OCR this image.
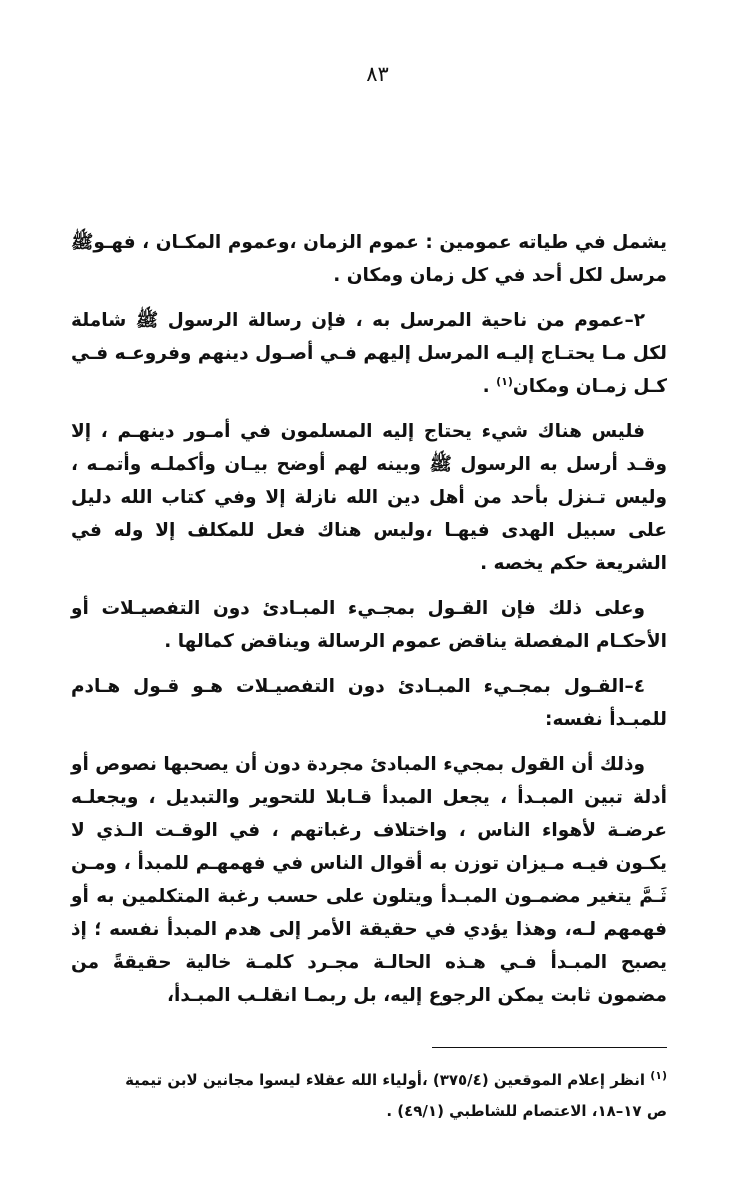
٨٣

يشمل في طياته عمومين : عموم الزمان ،وعموم المكـان ، فهـوﷺ مرسل لكل أحد في كل زمان ومكان .

٢–عموم من ناحية المرسل به ، فإن رسالة الرسول ﷺ شاملة لكل مـا يحتـاج إليـه المرسل إليهم فـي أصـول دينهم وفروعـه فـي كـل زمـان ومكان$^{(١)}$ .

فليس هناك شيء يحتاج إليه المسلمون في أمـور دينهـم ، إلا وقـد أرسل به الرسول ﷺ وبينه لهم أوضح بيـان وأكملـه وأتمـه ، وليس تـنزل بأحد من أهل دين الله نازلة إلا وفي كتاب الله دليل على سبيل الهدى فيهـا ،وليس هناك فعل للمكلف إلا وله في الشريعة حكم يخصه .

وعلى ذلك فإن القـول بمجـيء المبـادئ دون التفصيـلات أو الأحكـام المفصلة يناقض عموم الرسالة ويناقض كمالها .

٤–القـول بمجـيء المبـادئ دون التفصيـلات هـو قـول هـادم للمبـدأ نفسه:

وذلك أن القول بمجيء المبادئ مجردة دون أن يصحبها نصوص أو أدلة تبين المبـدأ ، يجعل المبدأ قـابلا للتحوير والتبديل ، ويجعلـه عرضـة لأهواء الناس ، واختلاف رغباتهم ، في الوقـت الـذي لا يكـون فيـه مـيزان توزن به أقوال الناس في فهمهـم للمبدأ ، ومـن ثَـمَّ يتغير مضمـون المبـدأ ويتلون على حسب رغبة المتكلمين به أو فهمهم لـه، وهذا يؤدي في حقيقة الأمر إلى هدم المبدأ نفسه ؛ إذ يصبح المبـدأ فـي هـذه الحالـة مجـرد كلمـة خالية حقيقةً من مضمون ثابت يمكن الرجوع إليه، بل ربمـا انقلـب المبـدأ،

$^{(١)}$ انظر إعلام الموقعين (٣٧٥/٤) ،أولياء الله عقلاء ليسوا مجانين لابن تيمية
ص ١٧–١٨، الاعتصام للشاطبي (٤٩/١) .
